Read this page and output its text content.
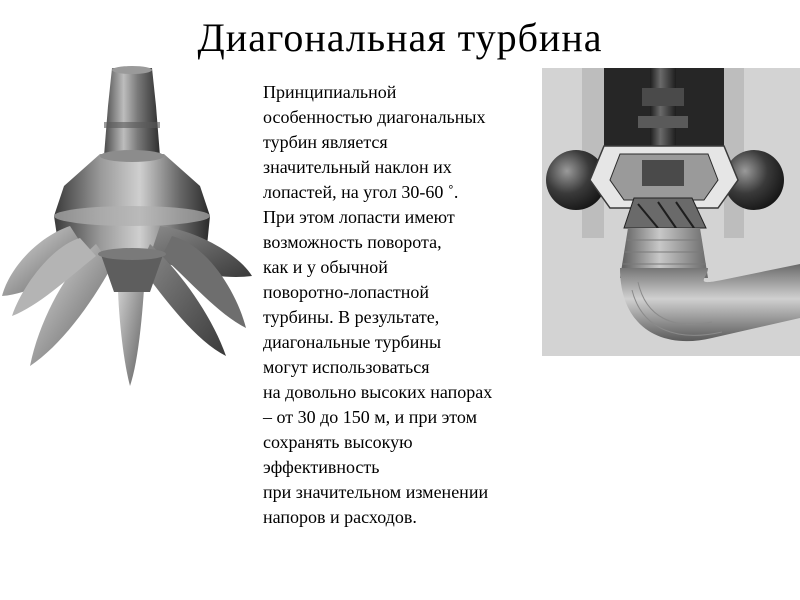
Диагональная турбина
Принципиальной
особенностью диагональных
турбин является
значительный наклон их
лопастей, на угол 30-60 ˚.
При этом лопасти имеют
возможность поворота,
как и у обычной
поворотно-лопастной
турбины. В результате,
диагональные турбины
могут использоваться
на довольно высоких напорах
– от 30 до 150 м, и при этом
сохранять высокую
эффективность
при значительном изменении
напоров и расходов.
